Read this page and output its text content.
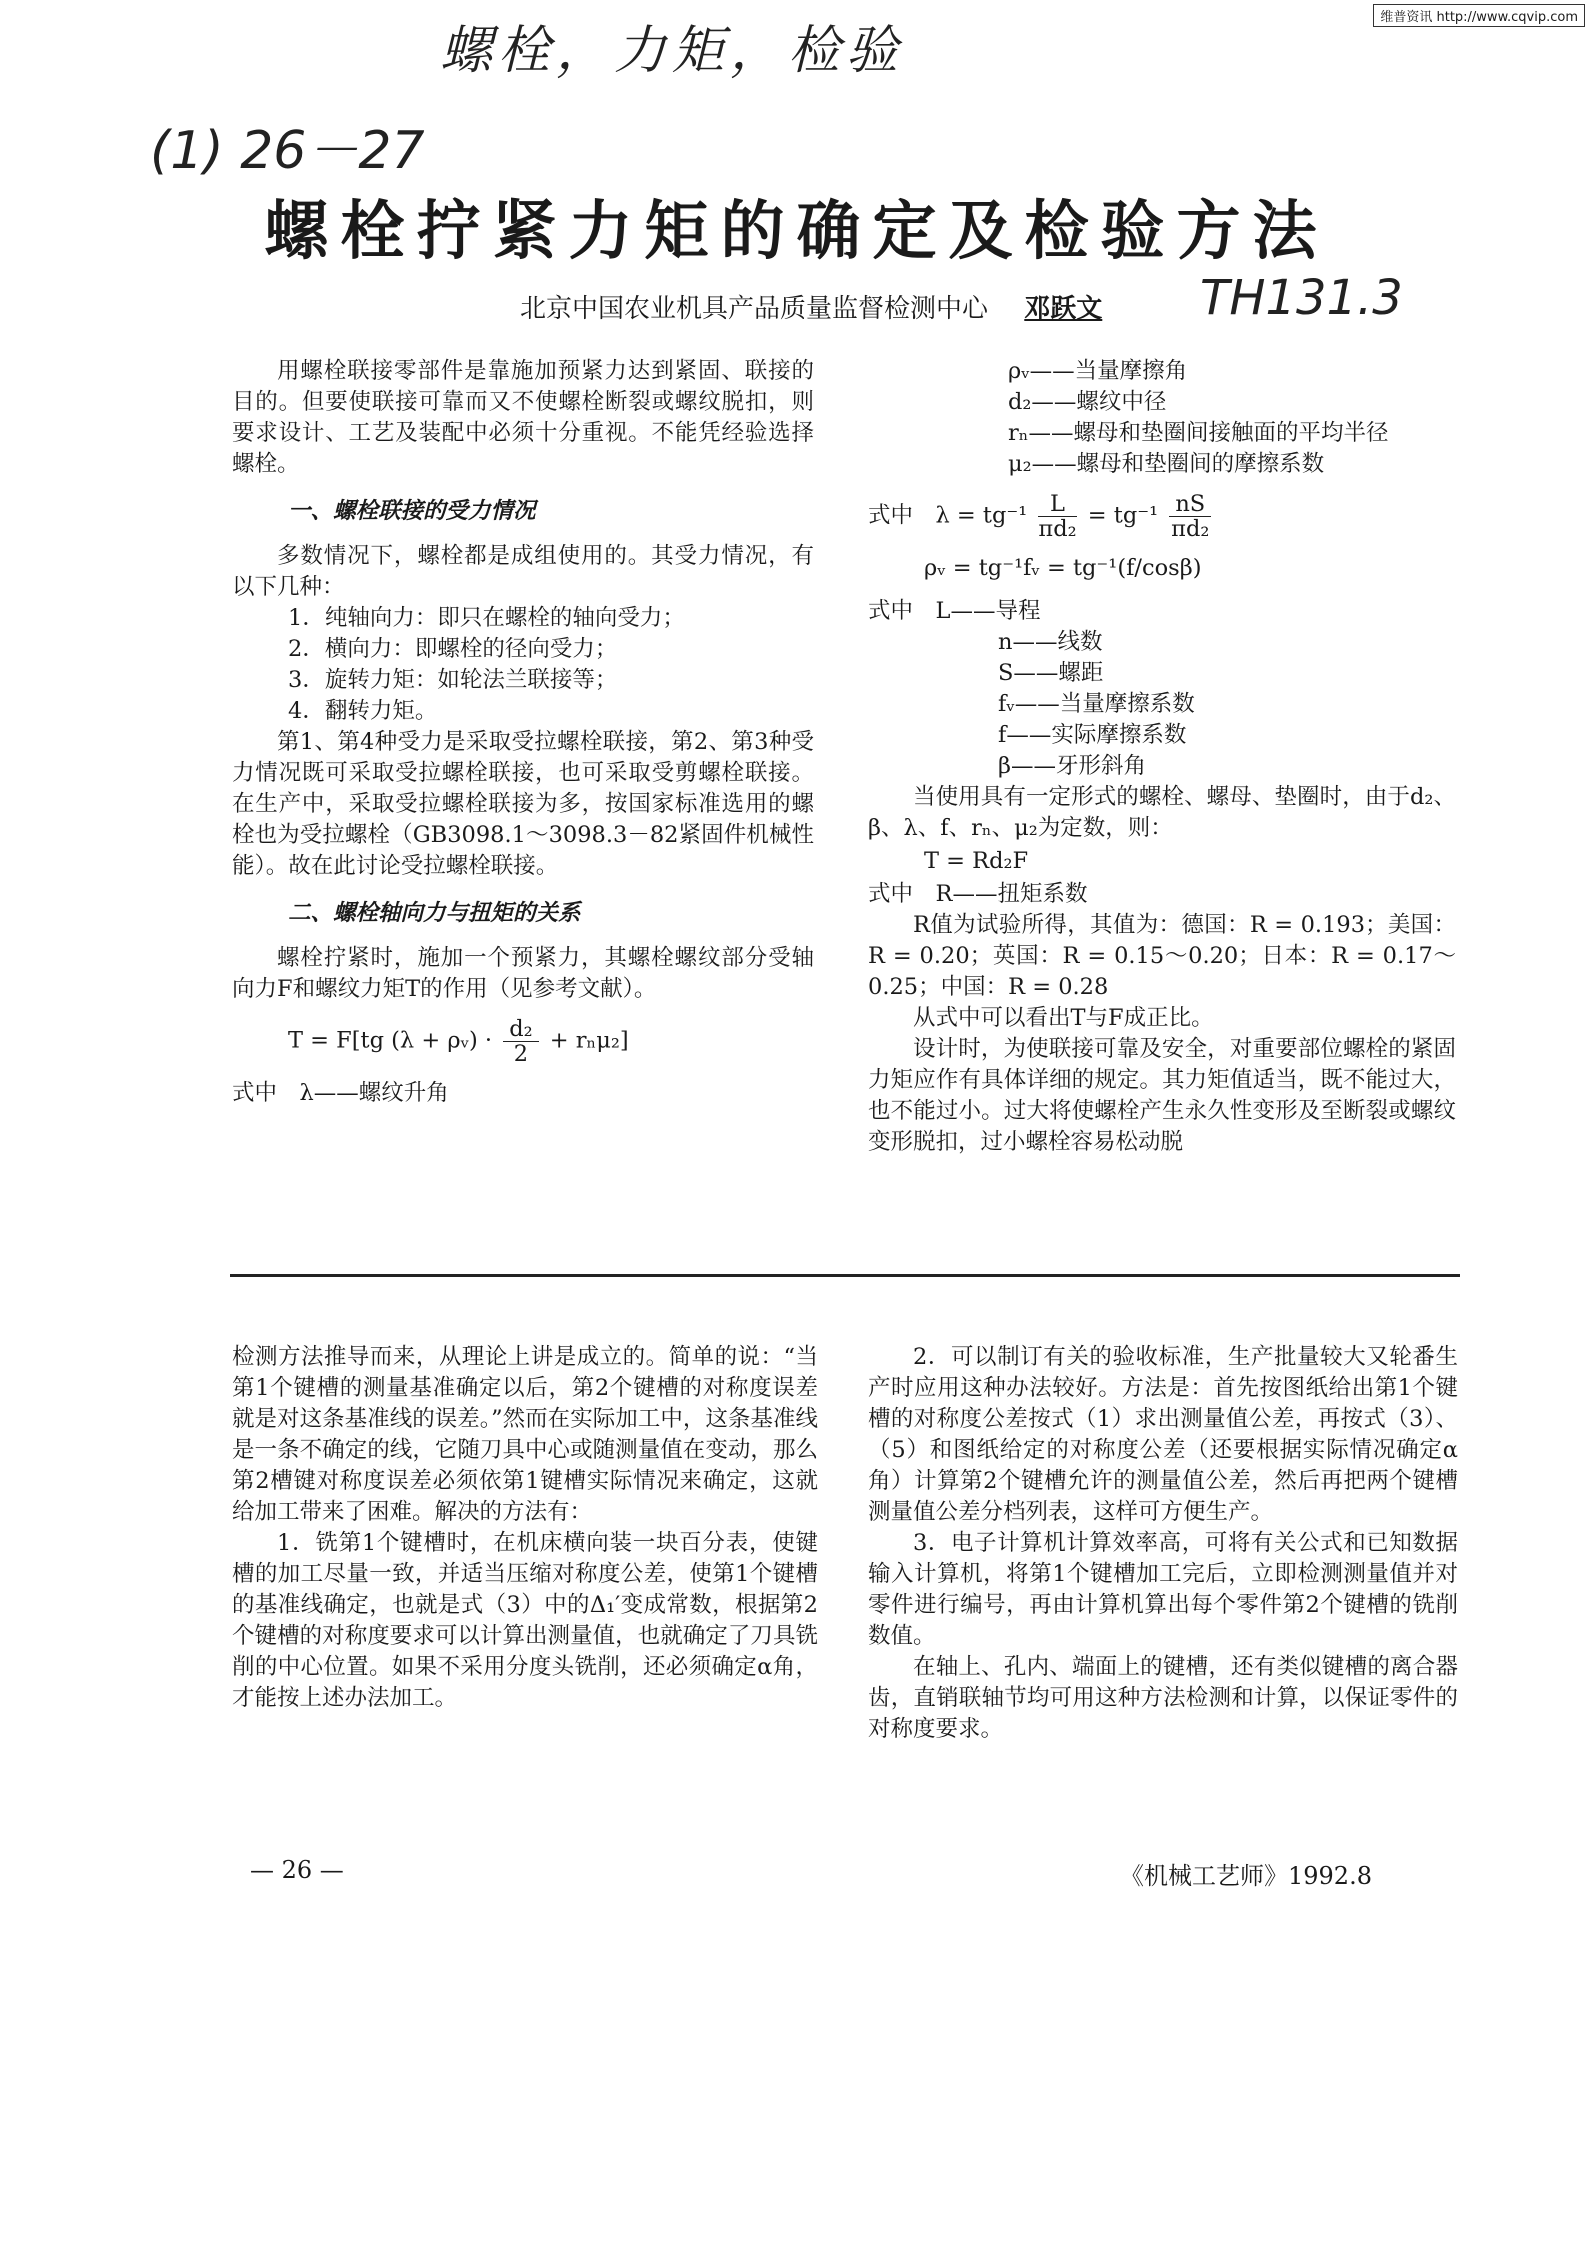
维普资讯 http://www.cqvip.com
螺栓，力矩，检验
(1) 26－27
TH131.3
螺栓拧紧力矩的确定及检验方法
北京中国农业机具产品质量监督检测中心 邓跃文

用螺栓联接零部件是靠施加预紧力达到紧固、联接的目的。但要使联接可靠而又不使螺栓断裂或螺纹脱扣，则要求设计、工艺及装配中必须十分重视。不能凭经验选择螺栓。

一、螺栓联接的受力情况

多数情况下，螺栓都是成组使用的。其受力情况，有以下几种：

1．纯轴向力：即只在螺栓的轴向受力；

2．横向力：即螺栓的径向受力；

3．旋转力矩：如轮法兰联接等；

4．翻转力矩。

第1、第4种受力是采取受拉螺栓联接，第2、第3种受力情况既可采取受拉螺栓联接，也可采取受剪螺栓联接。在生产中，采取受拉螺栓联接为多，按国家标准选用的螺栓也为受拉螺栓（GB3098.1～3098.3－82紧固件机械性能）。故在此讨论受拉螺栓联接。

二、螺栓轴向力与扭矩的关系

螺栓拧紧时，施加一个预紧力，其螺栓螺纹部分受轴向力F和螺纹力矩T的作用（见参考文献）。

T = F[tg (λ + ρᵥ) · $\frac{\text{d₂}}{2} + r_n\mu_2$]

式中　λ——螺纹升角

ρᵥ——当量摩擦角

d₂——螺纹中径

rₙ——螺母和垫圈间接触面的平均半径

μ₂——螺母和垫圈间的摩擦系数

式中　$\lambda = tg^{-1} \frac{L}{\text{πd₂}} = tg^{-1} \frac{nS}{\text{πd₂}}$

ρᵥ = tg⁻¹fᵥ = tg⁻¹(f/cosβ)

式中　L——导程

n——线数

S——螺距

fᵥ——当量摩擦系数

f——实际摩擦系数

β——牙形斜角

当使用具有一定形式的螺栓、螺母、垫圈时，由于d₂、β、λ、f、rₙ、μ₂为定数，则：

T = Rd₂F

式中　R——扭矩系数

R值为试验所得，其值为：德国：R = 0.193；美国：R = 0.20；英国：R = 0.15～0.20；日本：R = 0.17～0.25；中国：R = 0.28

从式中可以看出T与F成正比。

设计时，为使联接可靠及安全，对重要部位螺栓的紧固力矩应作有具体详细的规定。其力矩值适当，既不能过大，也不能过小。过大将使螺栓产生永久性变形及至断裂或螺纹变形脱扣，过小螺栓容易松动脱

检测方法推导而来，从理论上讲是成立的。简单的说：“当第1个键槽的测量基准确定以后，第2个键槽的对称度误差就是对这条基准线的误差。”然而在实际加工中，这条基准线是一条不确定的线，它随刀具中心或随测量值在变动，那么第2槽键对称度误差必须依第1键槽实际情况来确定，这就给加工带来了困难。解决的方法有：

1．铣第1个键槽时，在机床横向装一块百分表，使键槽的加工尽量一致，并适当压缩对称度公差，使第1个键槽的基准线确定，也就是式（3）中的Δ₁′变成常数，根据第2个键槽的对称度要求可以计算出测量值，也就确定了刀具铣削的中心位置。如果不采用分度头铣削，还必须确定α角，才能按上述办法加工。

2．可以制订有关的验收标准，生产批量较大又轮番生产时应用这种办法较好。方法是：首先按图纸给出第1个键槽的对称度公差按式（1）求出测量值公差，再按式（3）、（5）和图纸给定的对称度公差（还要根据实际情况确定α角）计算第2个键槽允许的测量值公差，然后再把两个键槽测量值公差分档列表，这样可方便生产。

3．电子计算机计算效率高，可将有关公式和已知数据输入计算机，将第1个键槽加工完后，立即检测测量值并对零件进行编号，再由计算机算出每个零件第2个键槽的铣削数值。

在轴上、孔内、端面上的键槽，还有类似键槽的离合器齿，直销联轴节均可用这种方法检测和计算，以保证零件的对称度要求。

— 26 —	《机械工艺师》1992.8
